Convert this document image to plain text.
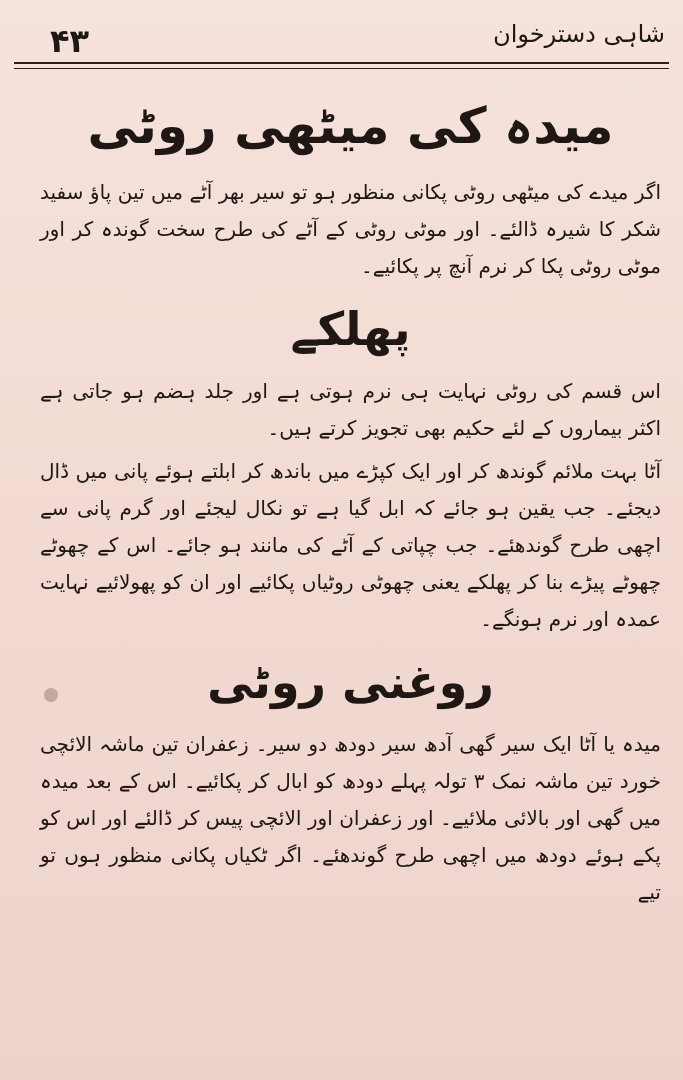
۴۳	شاہی دسترخوان
میدہ کی میٹھی روٹی

اگر میدے کی میٹھی روٹی پکانی منظور ہو تو سیر بھر آٹے میں تین پاؤ سفید شکر کا شیرہ ڈالئے۔ اور موٹی روٹی کے آٹے کی طرح سخت گوندہ کر اور موٹی روٹی پکا کر نرم آنچ پر پکائیے۔

پھلکے

اس قسم کی روٹی نہایت ہی نرم ہوتی ہے اور جلد ہضم ہو جاتی ہے اکثر بیماروں کے لئے حکیم بھی تجویز کرتے ہیں۔

آٹا بہت ملائم گوندھ کر اور ایک کپڑے میں باندھ کر ابلتے ہوئے پانی میں ڈال دیجئے۔ جب یقین ہو جائے کہ ابل گیا ہے تو نکال لیجئے اور گرم پانی سے اچھی طرح گوندھئے۔ جب چپاتی کے آٹے کی مانند ہو جائے۔ اس کے چھوٹے چھوٹے پیڑے بنا کر پھلکے یعنی چھوٹی روٹیاں پکائیے اور ان کو پھولائیے نہایت عمدہ اور نرم ہونگے۔

روغنی روٹی

میدہ یا آٹا ایک سیر گھی آدھ سیر دودھ دو سیر۔ زعفران تین ماشہ الائچی خورد تین ماشہ نمک ۳ تولہ پہلے دودھ کو ابال کر پکائیے۔ اس کے بعد میدہ میں گھی اور بالائی ملائیے۔ اور زعفران اور الائچی پیس کر ڈالئے اور اس کو پکے ہوئے دودھ میں اچھی طرح گوندھئے۔ اگر ٹکیاں پکانی منظور ہوں تو تیے
